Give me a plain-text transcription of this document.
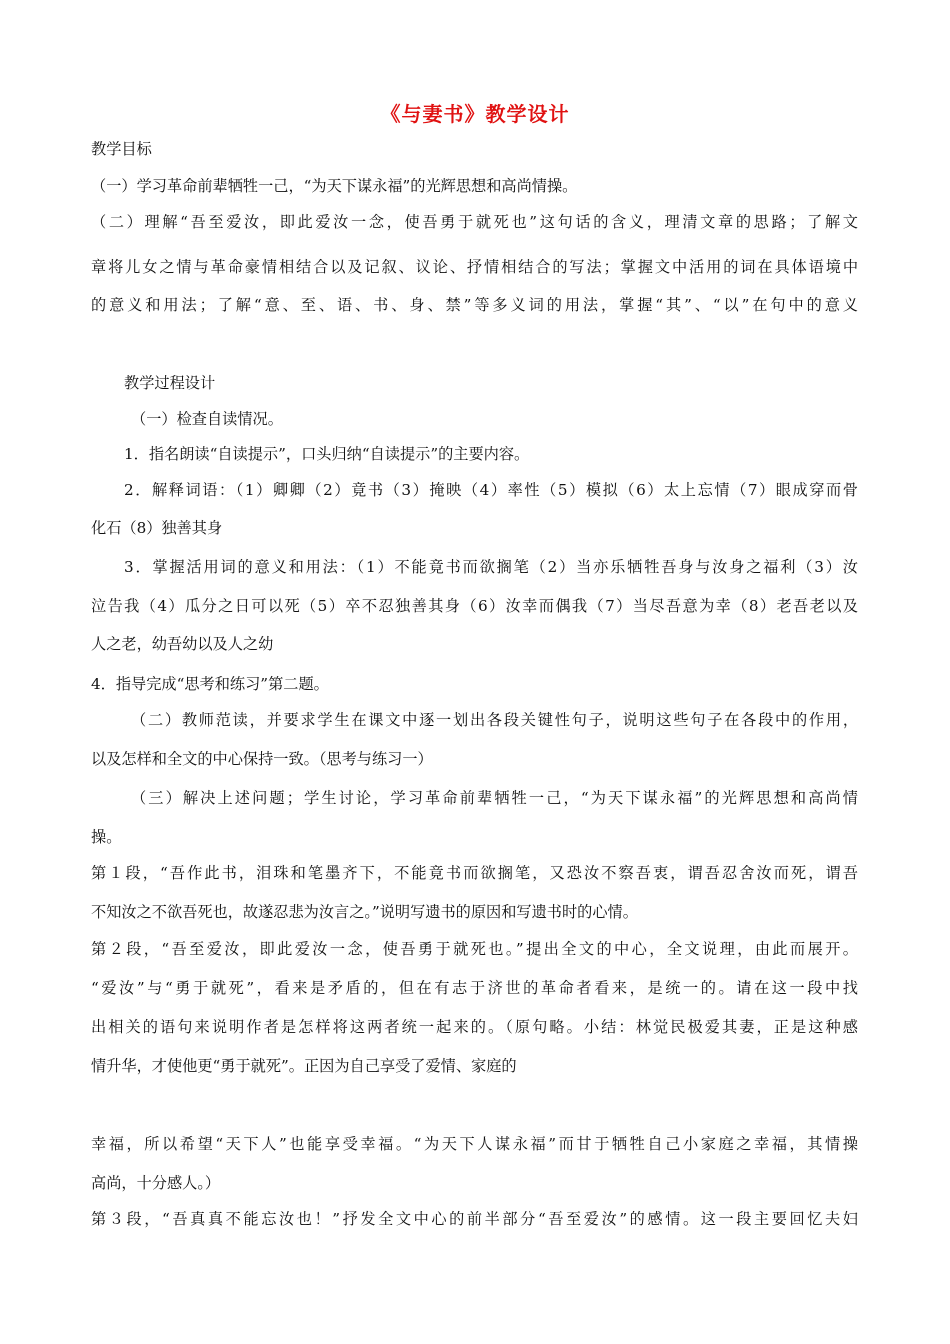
《与妻书》教学设计
教学目标
（一）学习革命前辈牺牲一己，“为天下谋永福”的光辉思想和高尚情操。
（二）理解“吾至爱汝，即此爱汝一念，使吾勇于就死也”这句话的含义，理清文章的思路；了解文
章将儿女之情与革命豪情相结合以及记叙、议论、抒情相结合的写法；掌握文中活用的词在具体语境中
的意义和用法；了解“意、至、语、书、身、禁”等多义词的用法，掌握“其”、“以”在句中的意义
教学过程设计
（一）检查自读情况。
1．指名朗读“自读提示”，口头归纳“自读提示”的主要内容。
2．解释词语：（1）卿卿（2）竟书（3）掩映（4）率性（5）模拟（6）太上忘情（7）眼成穿而骨
化石（8）独善其身
3．掌握活用词的意义和用法：（1）不能竟书而欲搁笔（2）当亦乐牺牲吾身与汝身之福利（3）汝
泣告我（4）瓜分之日可以死（5）卒不忍独善其身（6）汝幸而偶我（7）当尽吾意为幸（8）老吾老以及
人之老，幼吾幼以及人之幼
4．指导完成“思考和练习”第二题。
（二）教师范读，并要求学生在课文中逐一划出各段关键性句子，说明这些句子在各段中的作用，
以及怎样和全文的中心保持一致。（思考与练习一）
（三）解决上述问题；学生讨论，学习革命前辈牺牲一己，“为天下谋永福”的光辉思想和高尚情
操。
第１段，“吾作此书，泪珠和笔墨齐下，不能竟书而欲搁笔，又恐汝不察吾衷，谓吾忍舍汝而死，谓吾
不知汝之不欲吾死也，故遂忍悲为汝言之。”说明写遗书的原因和写遗书时的心情。
第２段，“吾至爱汝，即此爱汝一念，使吾勇于就死也。”提出全文的中心，全文说理，由此而展开。
“爱汝”与“勇于就死”，看来是矛盾的，但在有志于济世的革命者看来，是统一的。请在这一段中找
出相关的语句来说明作者是怎样将这两者统一起来的。（原句略。小结：林觉民极爱其妻，正是这种感
情升华，才使他更“勇于就死”。正因为自己享受了爱情、家庭的
幸福，所以希望“天下人”也能享受幸福。“为天下人谋永福”而甘于牺牲自己小家庭之幸福，其情操
高尚，十分感人。）
第３段，“吾真真不能忘汝也！”抒发全文中心的前半部分“吾至爱汝”的感情。这一段主要回忆夫妇
